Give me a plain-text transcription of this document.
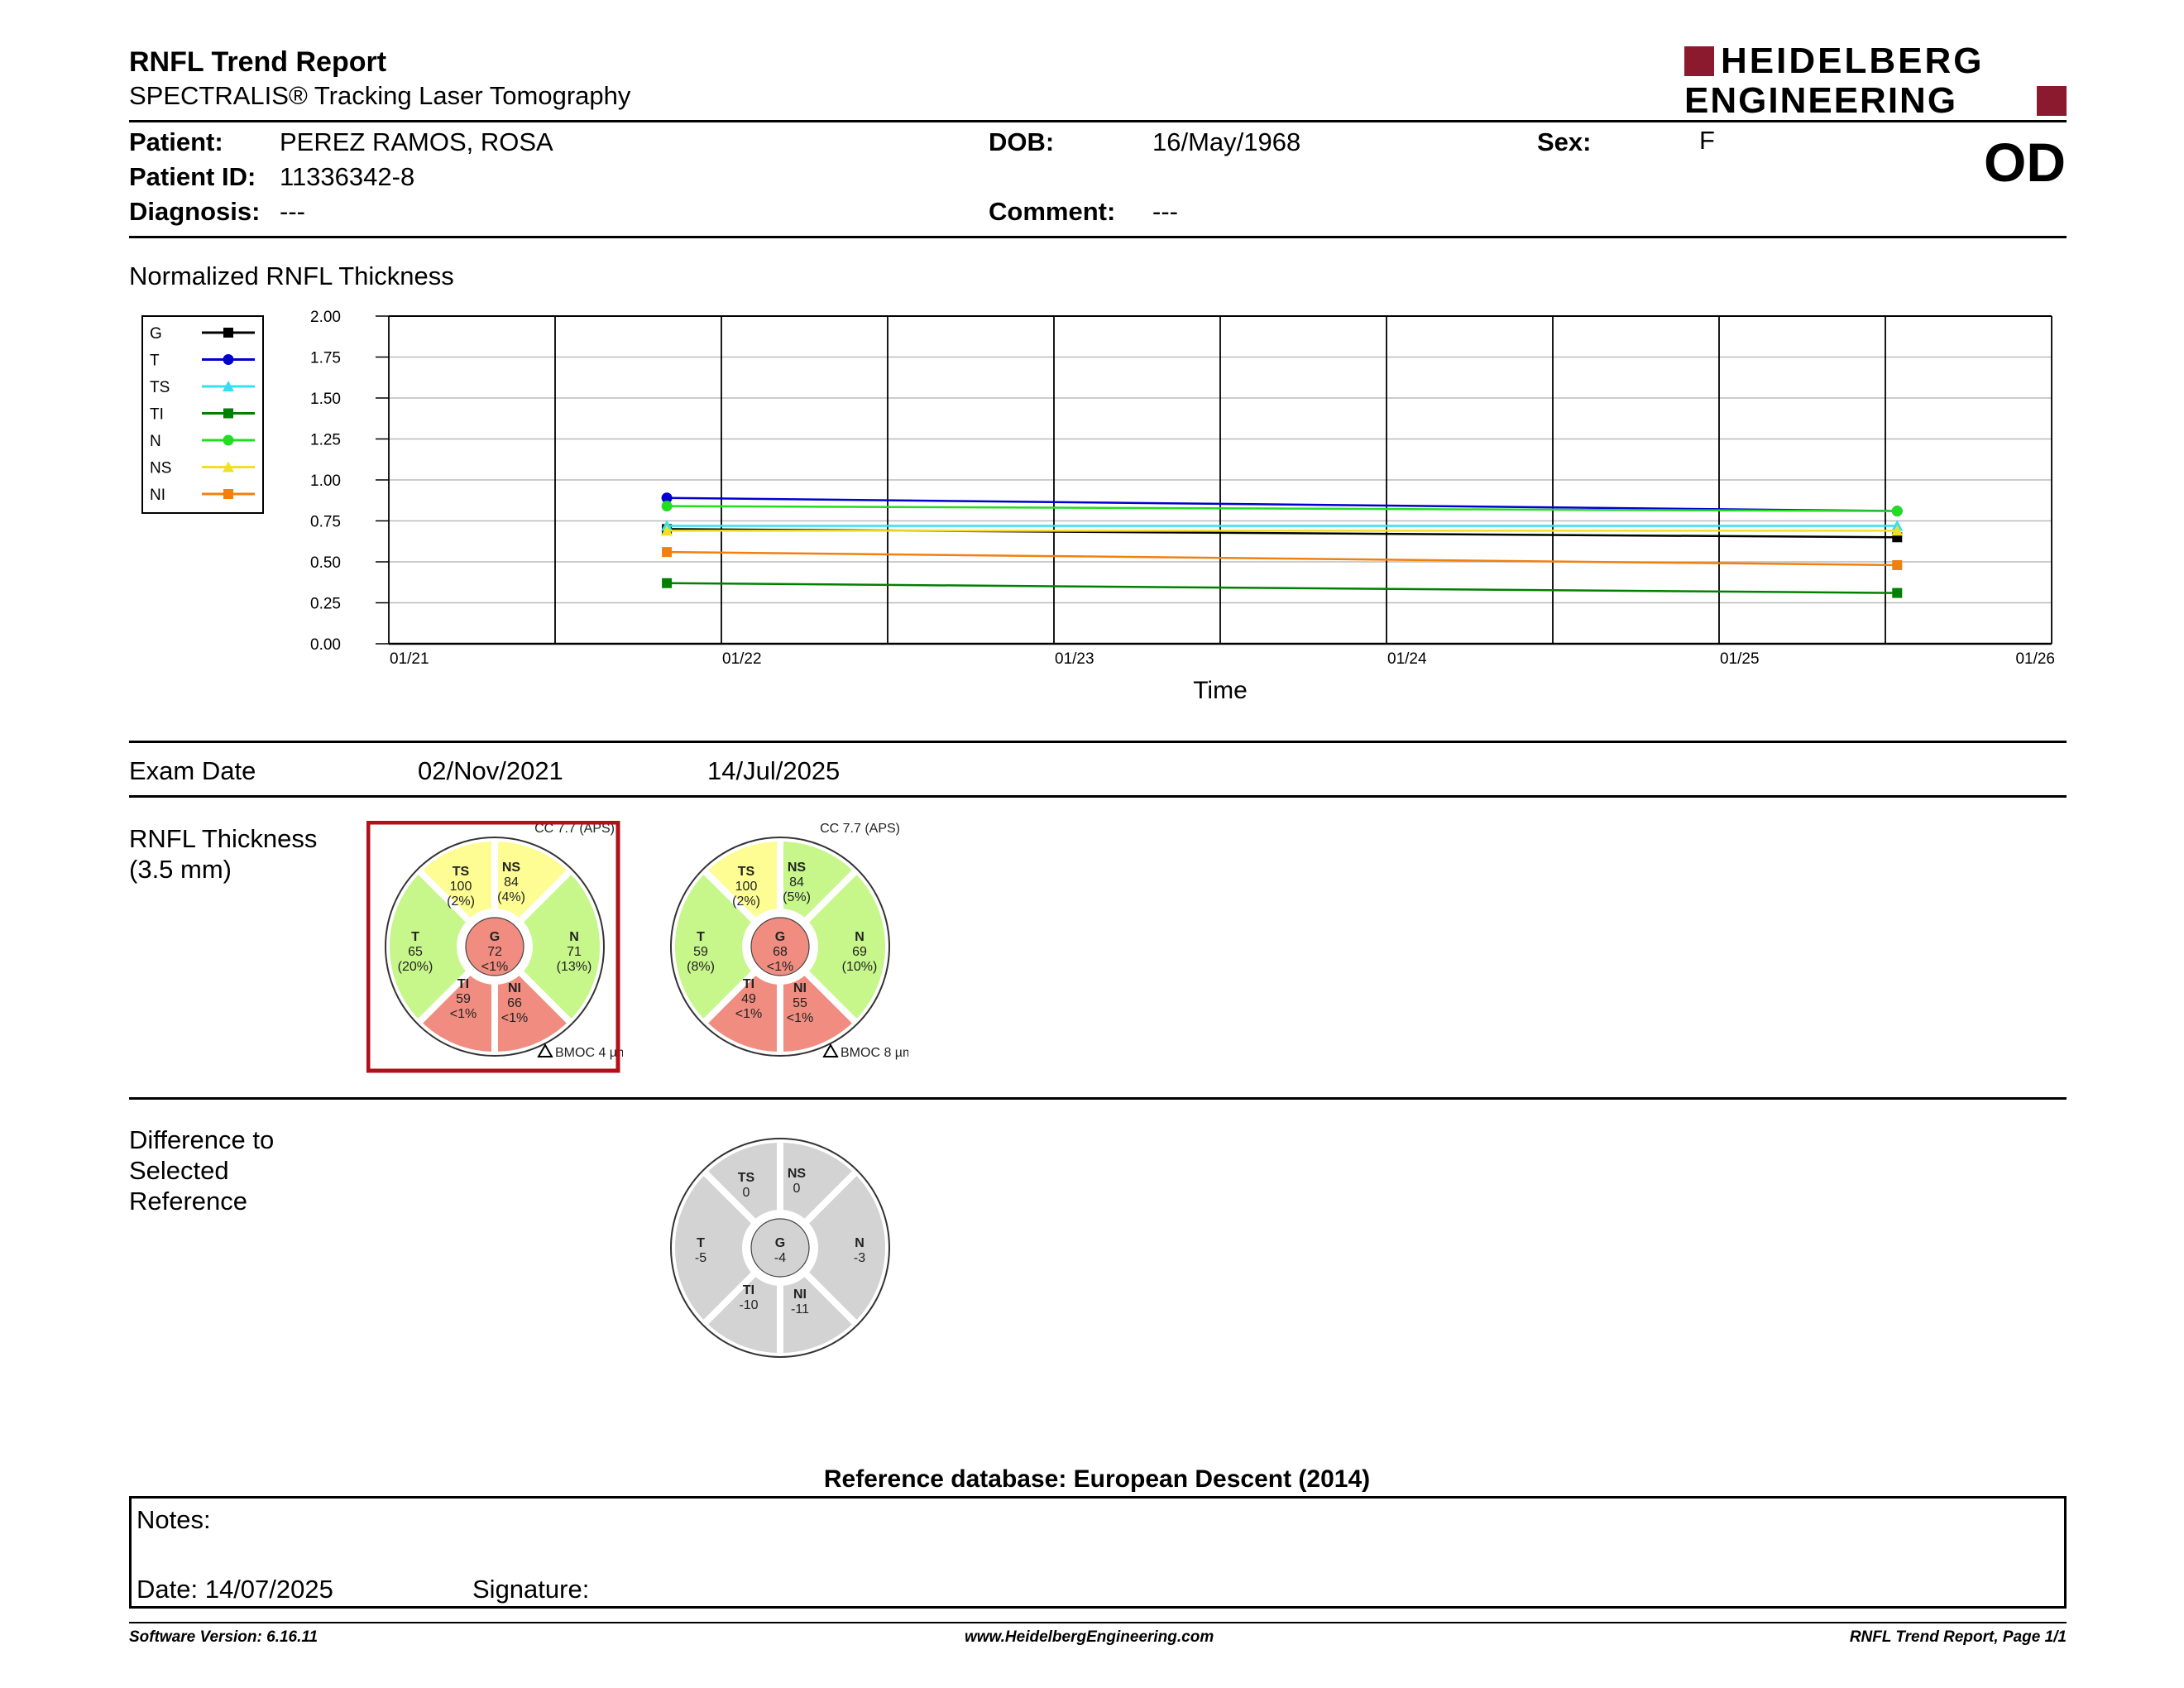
RNFL Trend Report
SPECTRALIS® Tracking Laser Tomography
HEIDELBERG
ENGINEERING
Patient: PEREZ RAMOS, ROSA
Patient ID: 11336342-8
Diagnosis: ---
DOB:	16/May/1968
Comment: ---
Sex:	F	OD
Normalized RNFL Thickness
G
T
TS
TI
N
NS
NI
0.00
0.25
0.50
0.75
1.00
1.25
1.50
1.75
2.00
01/21	01/22	01/23	01/24	01/25	01/26
Time
Exam Date	02/Nov/2021	14/Jul/2025
RNFL Thickness
(3.5 mm)	TS
100
(2%)
NS
84
(4%)
T
65
(20%)
N
71
(13%)
TI
59
<1%
NI
66
<1%
G
72
<1%
CC 7.7 (APS)
BMOC 4 µm
TS
100
(2%)
NS
84
(5%)
T
59
(8%)
N
69
(10%)
TI
49
<1%
NI
55
<1%
G
68
<1%
CC 7.7 (APS)
BMOC 8 µm
Difference to
Selected
Reference
TS
0
NS
0
T
-5
N
-3
TI
-10
NI
-11
G
-4
Reference database: European Descent (2014)
Notes:
Date: 14/07/2025	Signature:
Software Version: 6.16.11	www.HeidelbergEngineering.com	RNFL Trend Report, Page 1/1
